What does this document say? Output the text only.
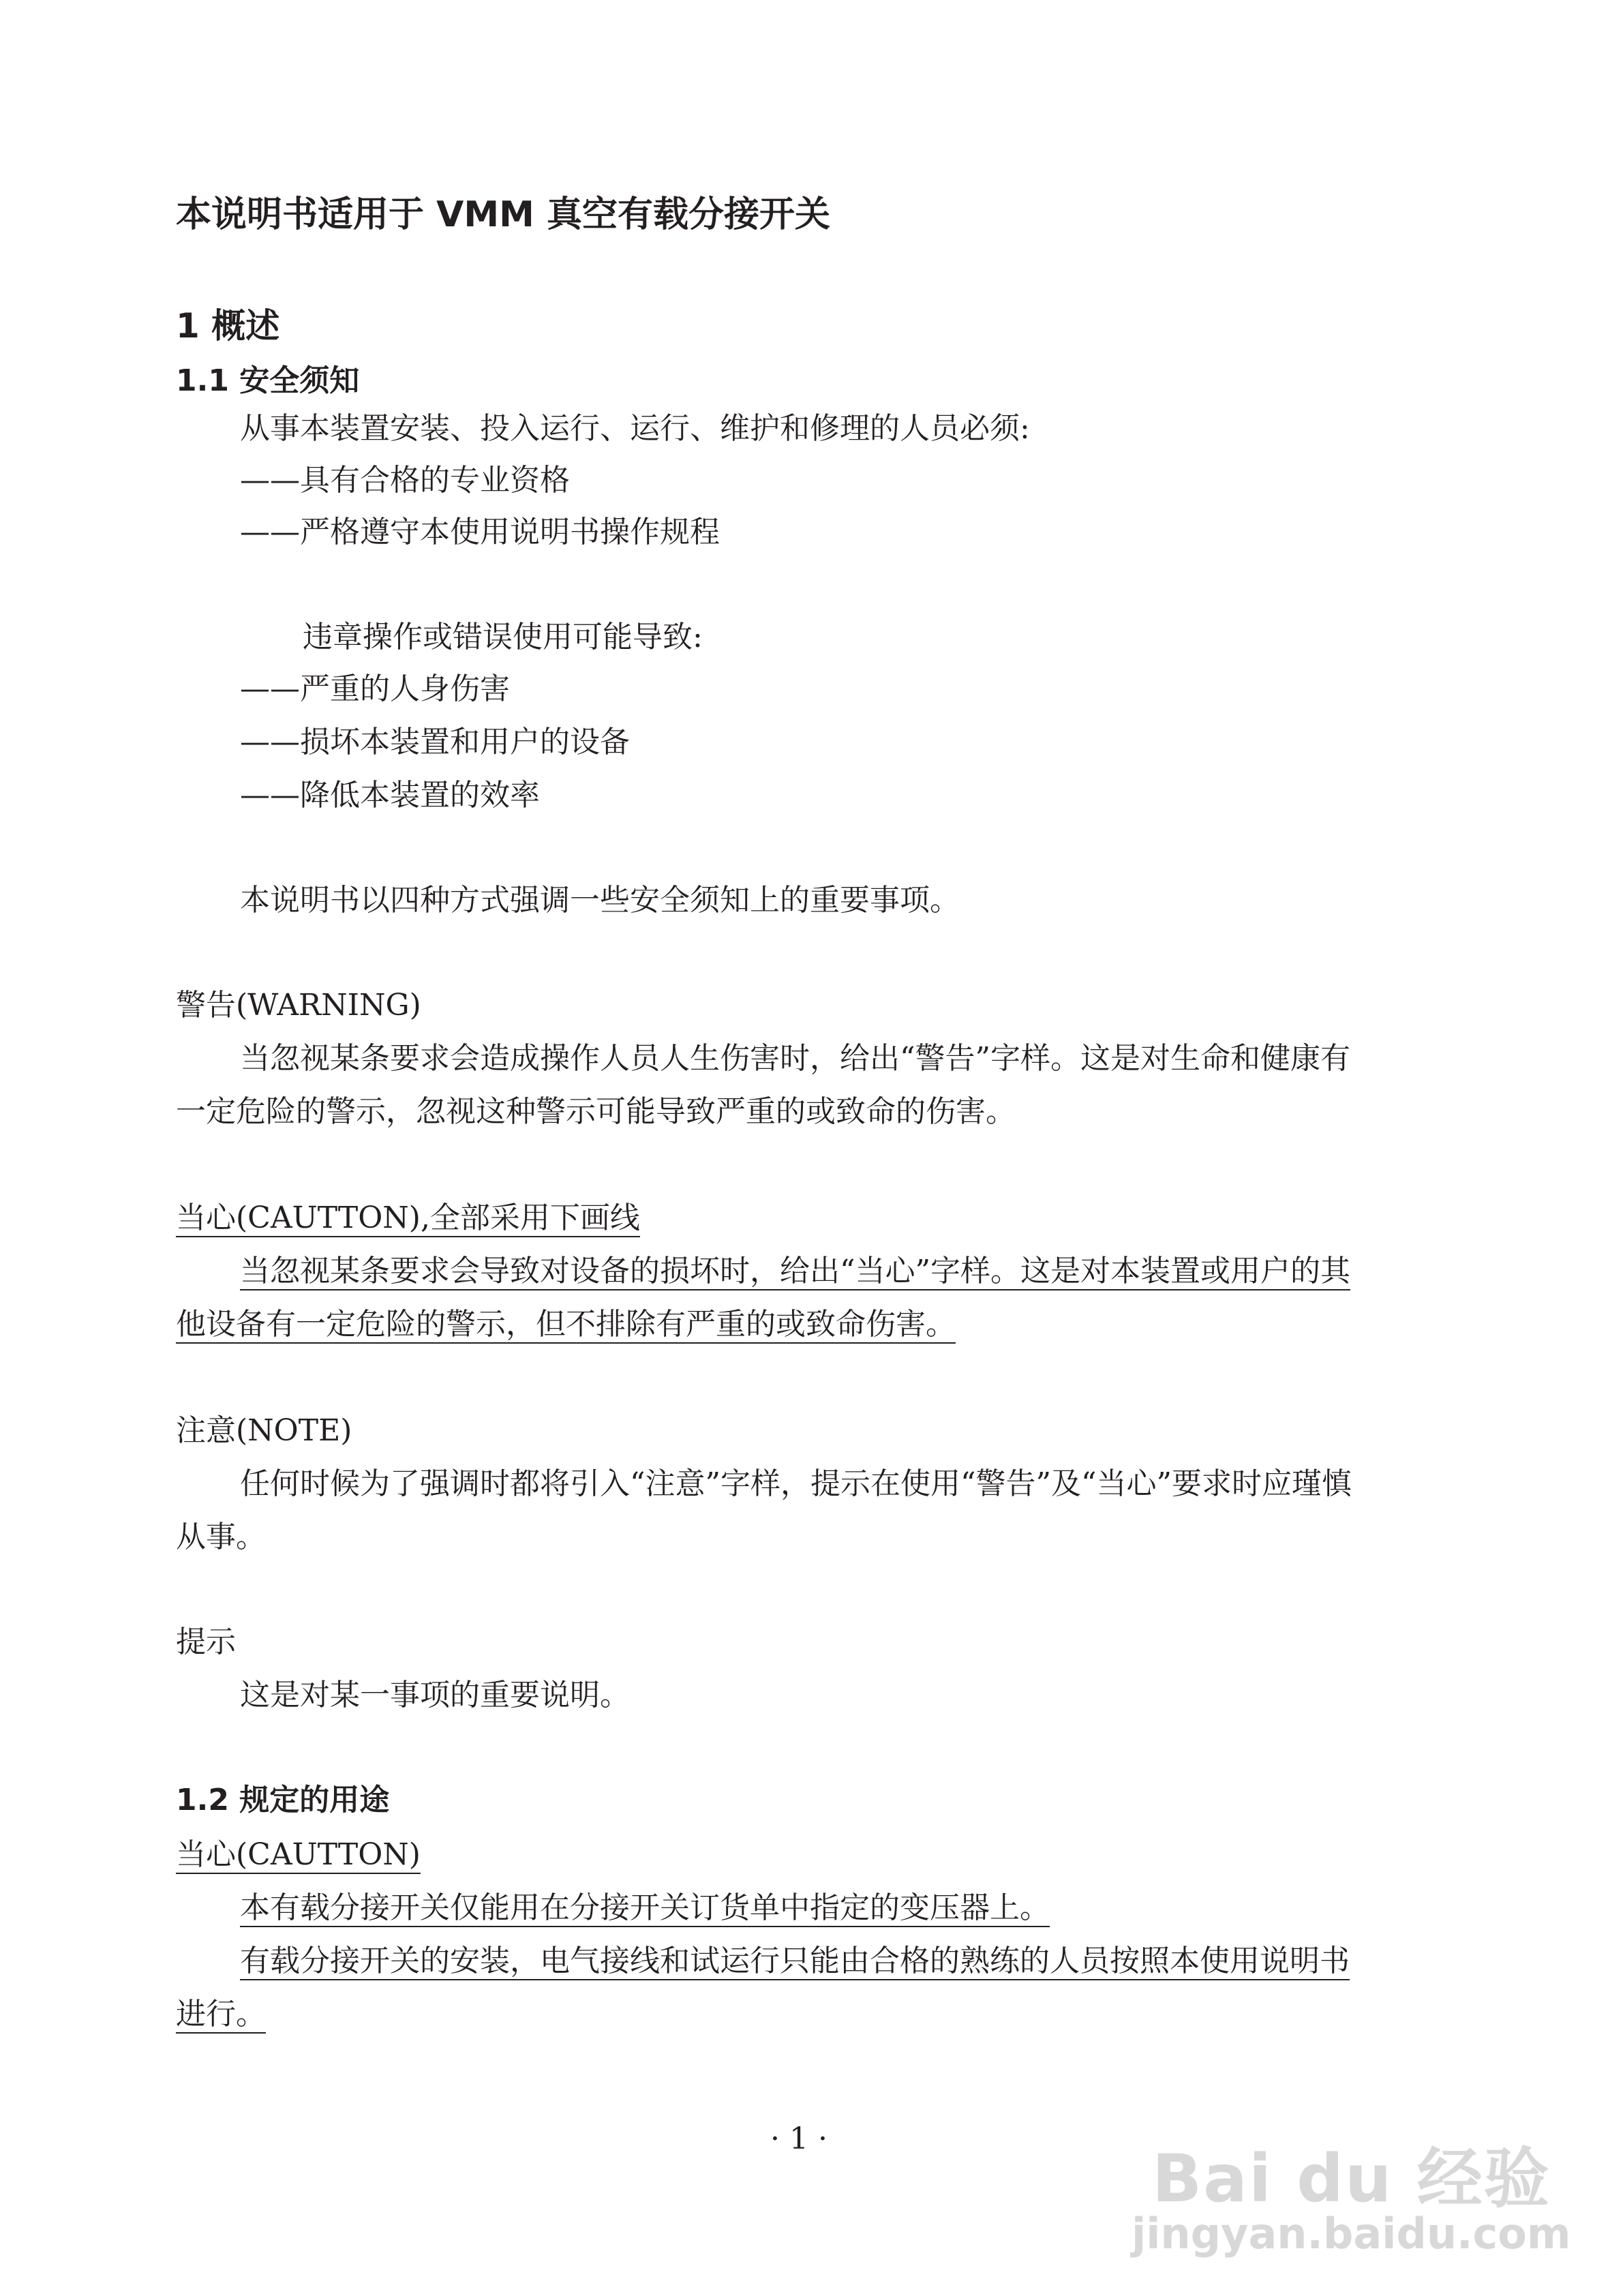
本说明书适用于 VMM 真空有载分接开关
1 概述
1.1 安全须知
从事本装置安装、投入运行、运行、维护和修理的人员必须:
——具有合格的专业资格
——严格遵守本使用说明书操作规程
违章操作或错误使用可能导致:
——严重的人身伤害
——损坏本装置和用户的设备
——降低本装置的效率
本说明书以四种方式强调一些安全须知上的重要事项。
警告(WARNING)
当忽视某条要求会造成操作人员人生伤害时，给出“警告”字样。这是对生命和健康有
一定危险的警示，忽视这种警示可能导致严重的或致命的伤害。
当心(CAUTTON),全部采用下画线
当忽视某条要求会导致对设备的损坏时，给出“当心”字样。这是对本装置或用户的其
他设备有一定危险的警示，但不排除有严重的或致命伤害。
注意(NOTE)
任何时候为了强调时都将引入“注意”字样，提示在使用“警告”及“当心”要求时应瑾慎
从事。
提示
这是对某一事项的重要说明。
1.2 规定的用途
当心(CAUTTON)
本有载分接开关仅能用在分接开关订货单中指定的变压器上。
有载分接开关的安装，电气接线和试运行只能由合格的熟练的人员按照本使用说明书
进行。
· 1 ·
Bai du 经验
jingyan.baidu.com
